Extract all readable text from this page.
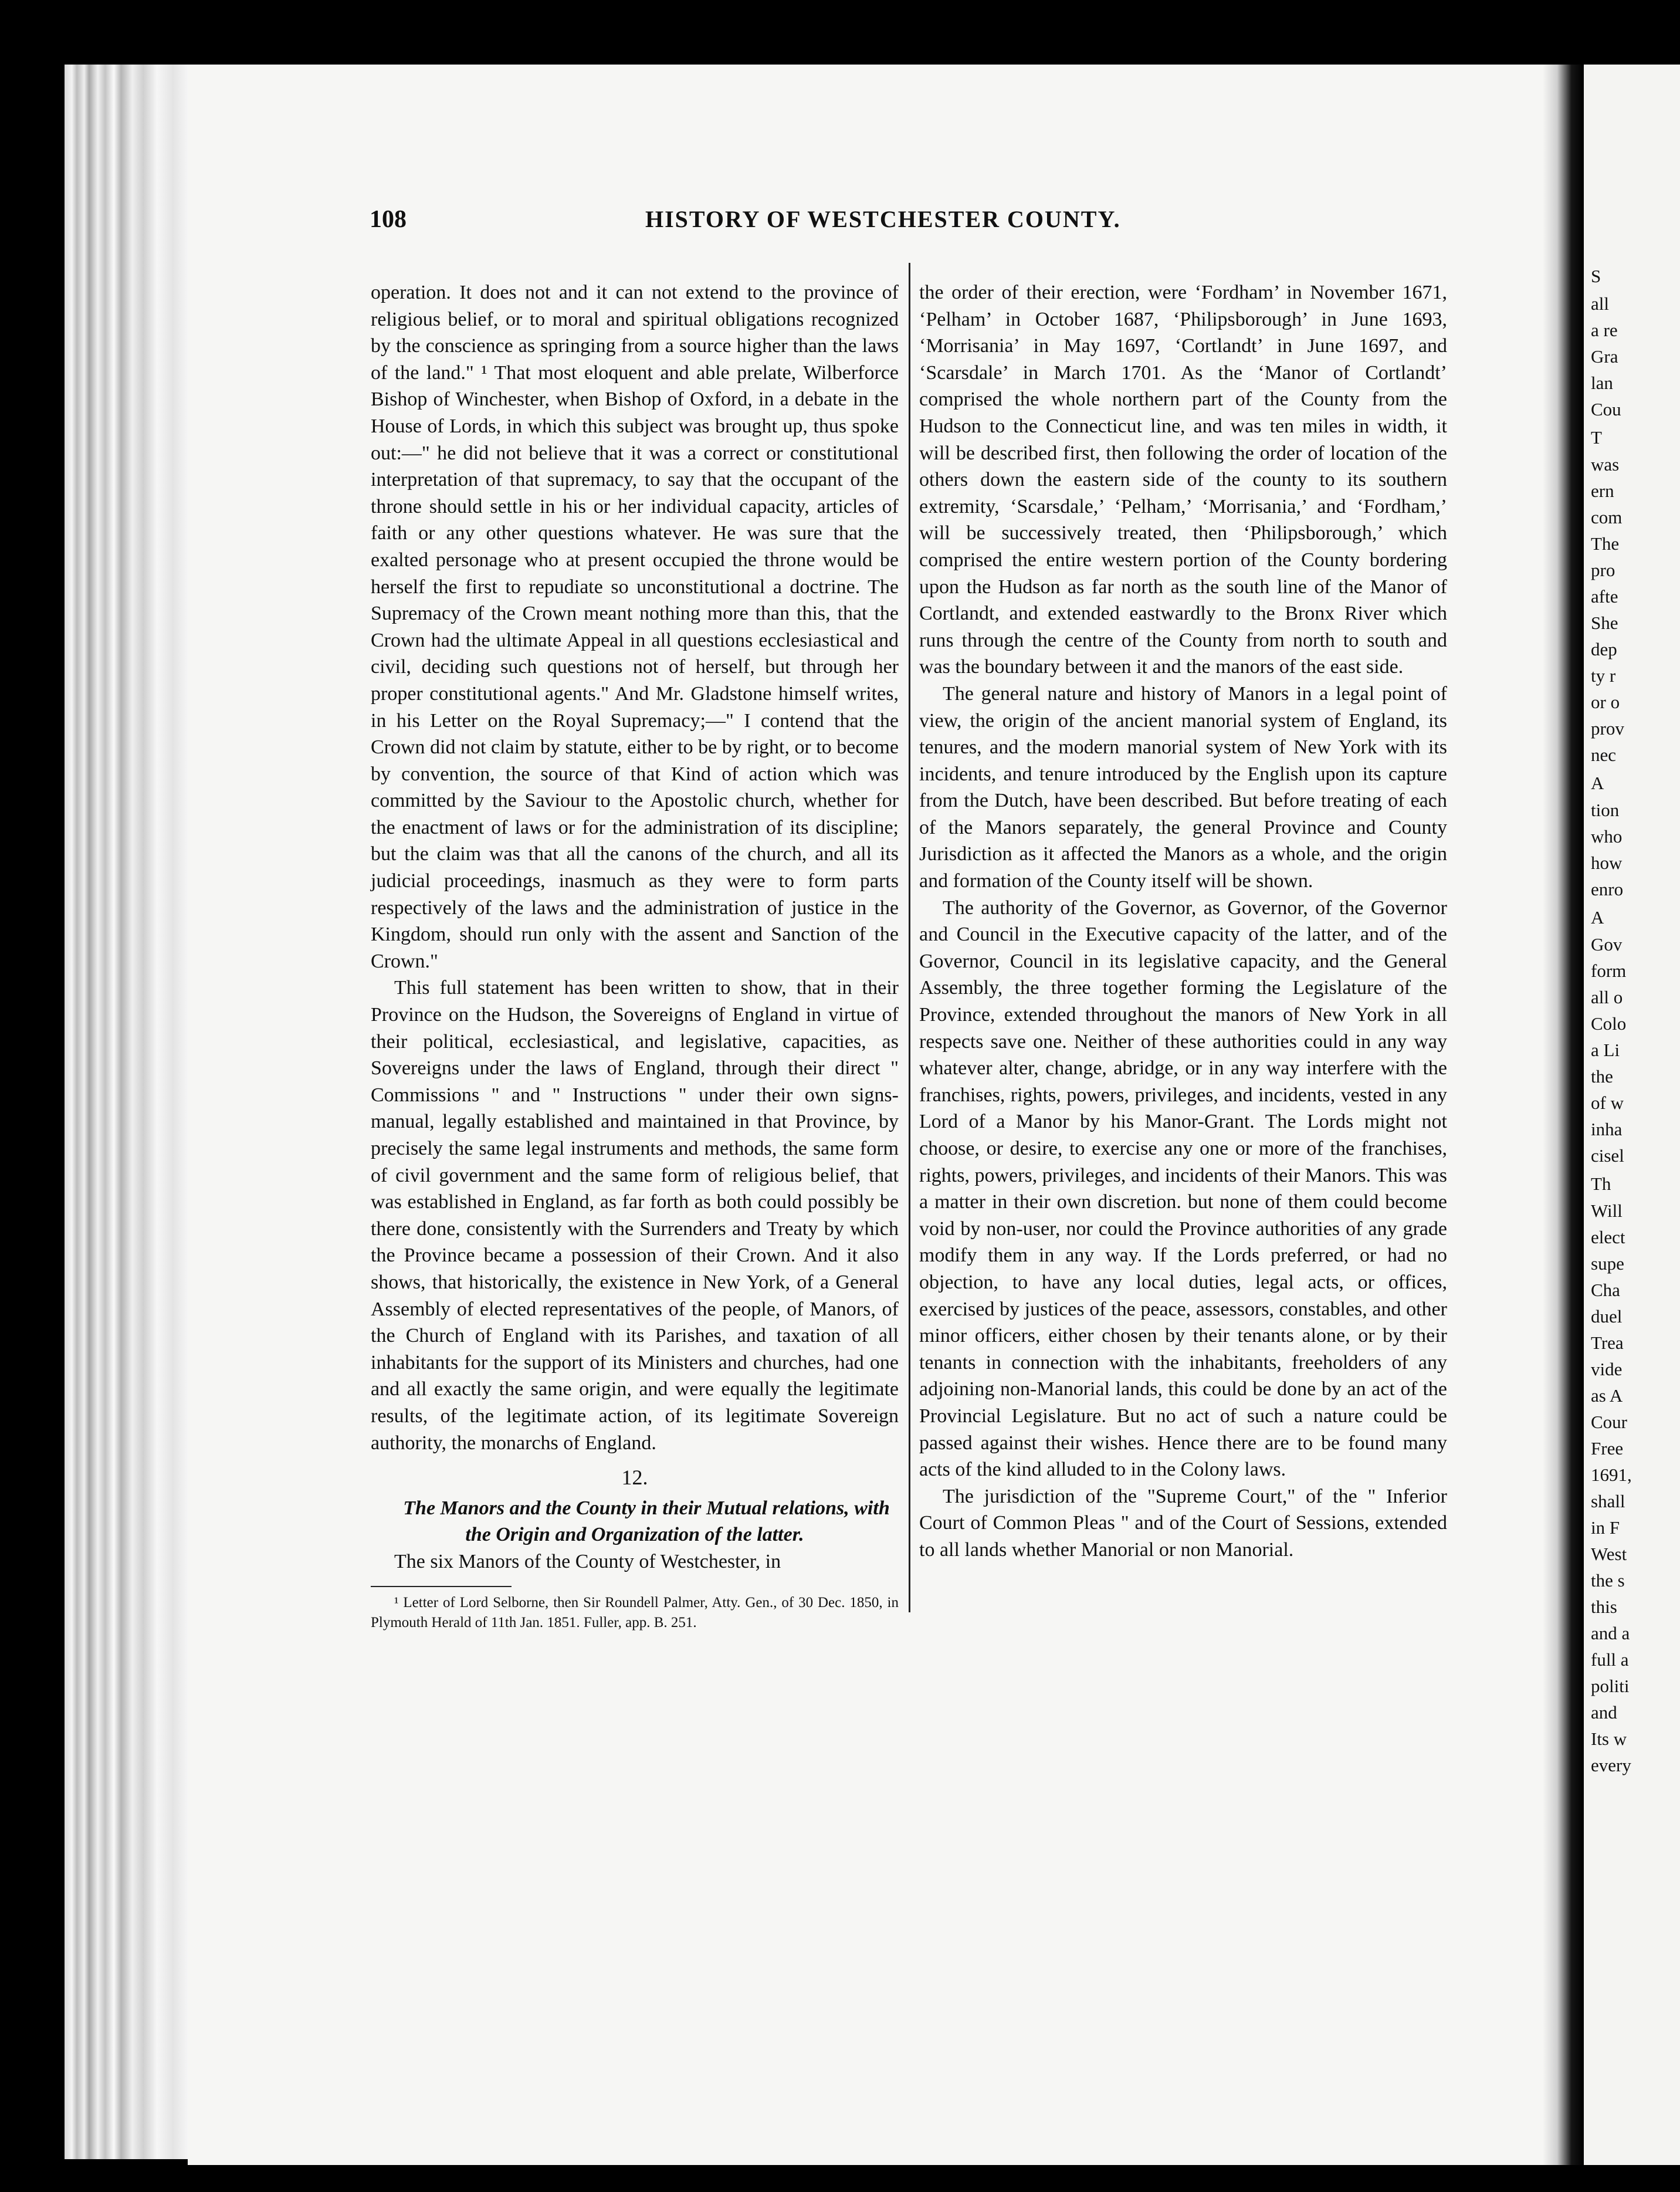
108	HISTORY OF WESTCHESTER COUNTY.

operation. It does not and it can not extend to the province of religious belief, or to moral and spiritual obligations recognized by the conscience as springing from a source higher than the laws of the land." ¹ That most eloquent and able prelate, Wilberforce Bishop of Winchester, when Bishop of Oxford, in a debate in the House of Lords, in which this subject was brought up, thus spoke out:—" he did not believe that it was a correct or constitutional interpretation of that supremacy, to say that the occupant of the throne should settle in his or her individual capacity, articles of faith or any other questions whatever. He was sure that the exalted personage who at present occupied the throne would be herself the first to repudiate so unconstitutional a doctrine. The Supremacy of the Crown meant nothing more than this, that the Crown had the ultimate Appeal in all questions ecclesiastical and civil, deciding such questions not of herself, but through her proper constitutional agents." And Mr. Gladstone himself writes, in his Letter on the Royal Supremacy;—" I contend that the Crown did not claim by statute, either to be by right, or to become by convention, the source of that Kind of action which was committed by the Saviour to the Apostolic church, whether for the enactment of laws or for the administration of its discipline; but the claim was that all the canons of the church, and all its judicial proceedings, inasmuch as they were to form parts respectively of the laws and the administration of justice in the Kingdom, should run only with the assent and Sanction of the Crown."

This full statement has been written to show, that in their Province on the Hudson, the Sovereigns of England in virtue of their political, ecclesiastical, and legislative, capacities, as Sovereigns under the laws of England, through their direct " Commissions " and " Instructions " under their own signs-manual, legally established and maintained in that Province, by precisely the same legal instruments and methods, the same form of civil government and the same form of religious belief, that was established in England, as far forth as both could possibly be there done, consistently with the Surrenders and Treaty by which the Province became a possession of their Crown. And it also shows, that historically, the existence in New York, of a General Assembly of elected representatives of the people, of Manors, of the Church of England with its Parishes, and taxation of all inhabitants for the support of its Ministers and churches, had one and all exactly the same origin, and were equally the legitimate results, of the legitimate action, of its legitimate Sovereign authority, the monarchs of England.

12.

The Manors and the County in their Mutual relations, with the Origin and Organization of the latter.

The six Manors of the County of Westchester, in

¹ Letter of Lord Selborne, then Sir Roundell Palmer, Atty. Gen., of 30 Dec. 1850, in Plymouth Herald of 11th Jan. 1851. Fuller, app. B. 251.

the order of their erection, were ‘Fordham’ in November 1671, ‘Pelham’ in October 1687, ‘Philipsborough’ in June 1693, ‘Morrisania’ in May 1697, ‘Cortlandt’ in June 1697, and ‘Scarsdale’ in March 1701. As the ‘Manor of Cortlandt’ comprised the whole northern part of the County from the Hudson to the Connecticut line, and was ten miles in width, it will be described first, then following the order of location of the others down the eastern side of the county to its southern extremity, ‘Scarsdale,’ ‘Pelham,’ ‘Morrisania,’ and ‘Fordham,’ will be successively treated, then ‘Philipsborough,’ which comprised the entire western portion of the County bordering upon the Hudson as far north as the south line of the Manor of Cortlandt, and extended eastwardly to the Bronx River which runs through the centre of the County from north to south and was the boundary between it and the manors of the east side.

The general nature and history of Manors in a legal point of view, the origin of the ancient manorial system of England, its tenures, and the modern manorial system of New York with its incidents, and tenure introduced by the English upon its capture from the Dutch, have been described. But before treating of each of the Manors separately, the general Province and County Jurisdiction as it affected the Manors as a whole, and the origin and formation of the County itself will be shown.

The authority of the Governor, as Governor, of the Governor and Council in the Executive capacity of the latter, and of the Governor, Council in its legislative capacity, and the General Assembly, the three together forming the Legislature of the Province, extended throughout the manors of New York in all respects save one. Neither of these authorities could in any way whatever alter, change, abridge, or in any way interfere with the franchises, rights, powers, privileges, and incidents, vested in any Lord of a Manor by his Manor-Grant. The Lords might not choose, or desire, to exercise any one or more of the franchises, rights, powers, privileges, and incidents of their Manors. This was a matter in their own discretion. but none of them could become void by non-user, nor could the Province authorities of any grade modify them in any way. If the Lords preferred, or had no objection, to have any local duties, legal acts, or offices, exercised by justices of the peace, assessors, constables, and other minor officers, either chosen by their tenants alone, or by their tenants in connection with the inhabitants, freeholders of any adjoining non-Manorial lands, this could be done by an act of the Provincial Legislature. But no act of such a nature could be passed against their wishes. Hence there are to be found many acts of the kind alluded to in the Colony laws.

The jurisdiction of the "Supreme Court," of the " Inferior Court of Common Pleas " and of the Court of Sessions, extended to all lands whether Manorial or non Manorial.

S
all
a re
Gra
lan
Cou
T
was
ern
com
The
pro
afte
She
dep
ty r
or o
prov
nec
A
tion
who
how
enro
A
Gov
form
all o
Colo
a Li
the
of w
inha
cisel
Th
Will
elect
supe
Cha
duel
Trea
vide
as A
Cour
Free
1691,
shall
in F
West
the s
this
and a
full a
politi
and
Its w
every
